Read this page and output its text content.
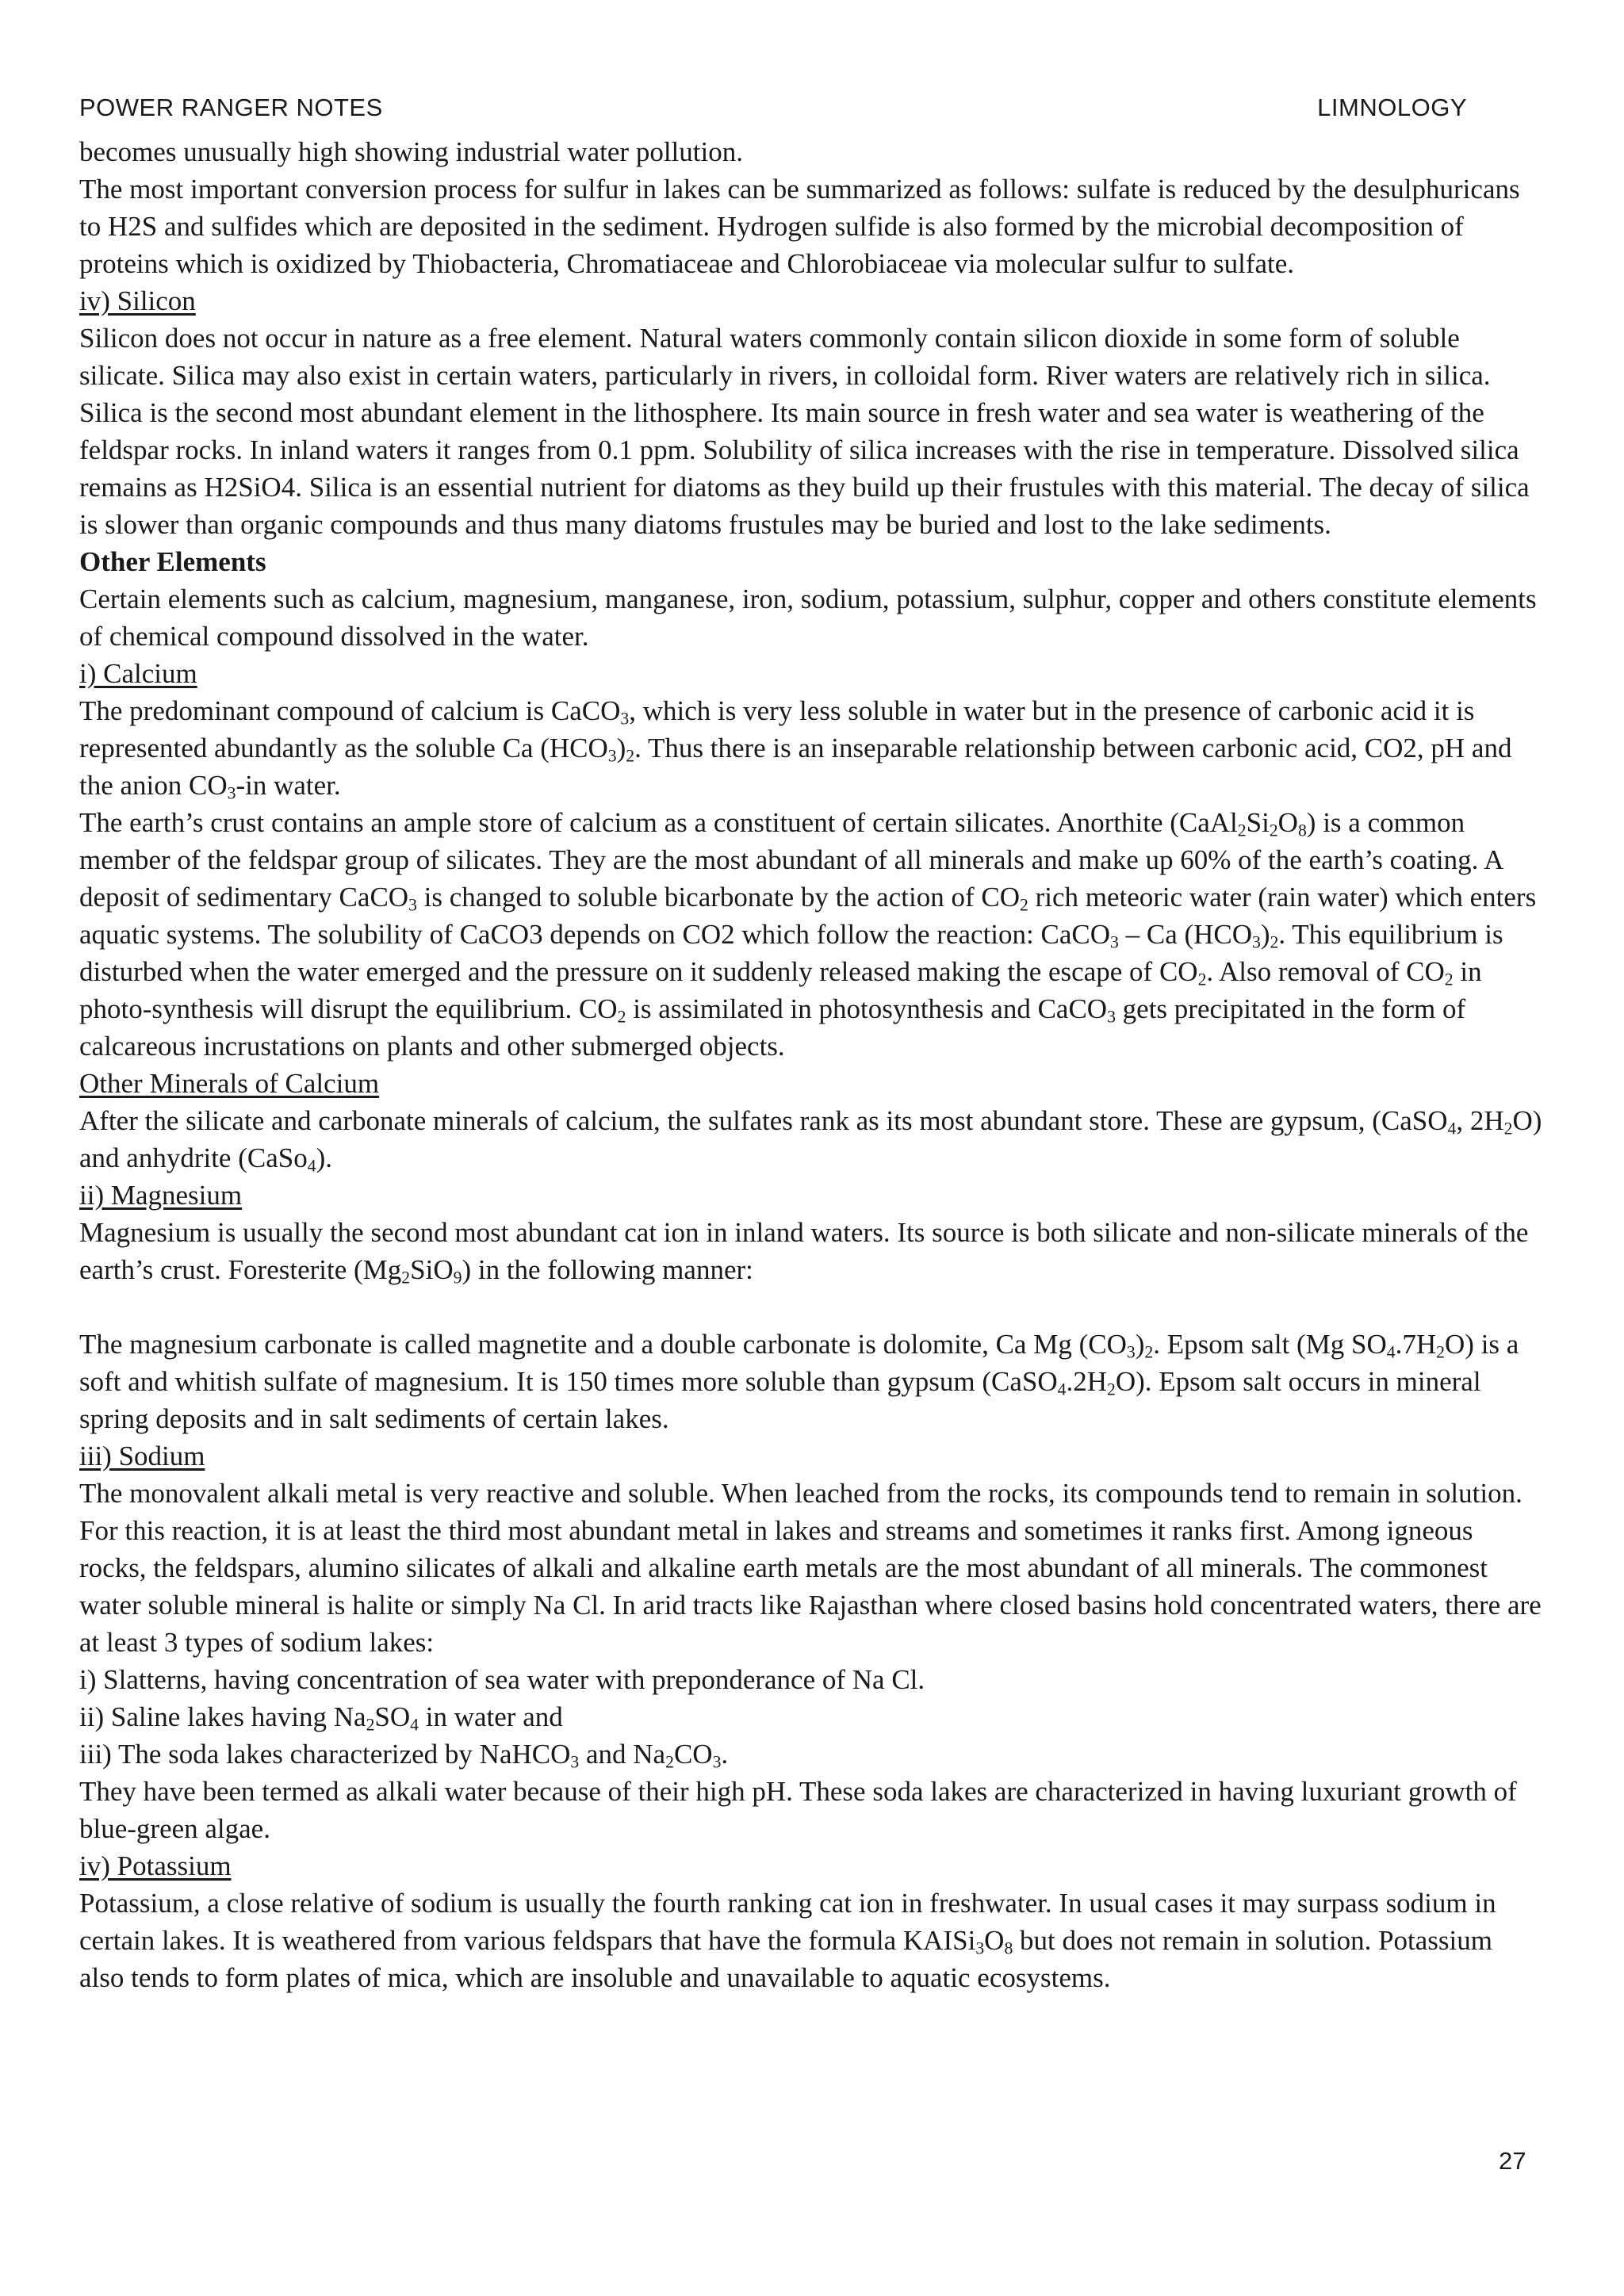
POWER RANGER NOTES	LIMNOLOGY

becomes unusually high showing industrial water pollution.

The most important conversion process for sulfur in lakes can be summarized as follows: sulfate is reduced by the desulphuricans to H2S and sulfides which are deposited in the sediment. Hydrogen sulfide is also formed by the microbial decomposition of proteins which is oxidized by Thiobacteria, Chromatiaceae and Chlorobiaceae via molecular sulfur to sulfate.

iv) Silicon

Silicon does not occur in nature as a free element. Natural waters commonly contain silicon dioxide in some form of soluble silicate. Silica may also exist in certain waters, particularly in rivers, in colloidal form. River waters are relatively rich in silica. Silica is the second most abundant element in the lithosphere. Its main source in fresh water and sea water is weathering of the feldspar rocks. In inland waters it ranges from 0.1 ppm. Solubility of silica increases with the rise in temperature. Dissolved silica remains as H2SiO4. Silica is an essential nutrient for diatoms as they build up their frustules with this material. The decay of silica is slower than organic compounds and thus many diatoms frustules may be buried and lost to the lake sediments.

Other Elements

Certain elements such as calcium, magnesium, manganese, iron, sodium, potassium, sulphur, copper and others constitute elements of chemical compound dissolved in the water.

i) Calcium

The predominant compound of calcium is CaCO$_3$, which is very less soluble in water but in the presence of carbonic acid it is represented abundantly as the soluble Ca $(HCO_3)_2$. Thus there is an inseparable relationship between carbonic acid, CO2, pH and the anion $CO_3-in$ water.

The earth’s crust contains an ample store of calcium as a constituent of certain silicates. Anorthite $(CaAl_2Si_2O_8)$ is a common member of the feldspar group of silicates. They are the most abundant of all minerals and make up 60% of the earth’s coating. A deposit of sedimentary CaCO$_3$ is changed to soluble bicarbonate by the action of $CO_2$ rich meteoric water (rain water) which enters aquatic systems. The solubility of CaCO3 depends on CO2 which follow the reaction: CaCO$_3$ – Ca $(HCO_3)_2$. This equilibrium is disturbed when the water emerged and the pressure on it suddenly released making the escape of $CO_2$. Also removal of $CO_2$ in photo-synthesis will disrupt the equilibrium. $CO_2$ is assimilated in photosynthesis and CaCO$_3$ gets precipitated in the form of calcareous incrustations on plants and other submerged objects.

Other Minerals of Calcium

After the silicate and carbonate minerals of calcium, the sulfates rank as its most abundant store. These are gypsum, (CaSO$_4$, $2H_2O$) and anhydrite (CaSo$_4$).

ii) Magnesium

Magnesium is usually the second most abundant cat ion in inland waters. Its source is both silicate and non-silicate minerals of the earth’s crust. Foresterite $(Mg_2SiO_9)$ in the following manner:

The magnesium carbonate is called magnetite and a double carbonate is dolomite, Ca Mg $(CO_3)_2$. Epsom salt (Mg $SO_4.7H_2O$) is a soft and whitish sulfate of magnesium. It is 150 times more soluble than gypsum $(CaSO_4.2H_2O)$. Epsom salt occurs in mineral spring deposits and in salt sediments of certain lakes.

iii) Sodium

The monovalent alkali metal is very reactive and soluble. When leached from the rocks, its compounds tend to remain in solution. For this reaction, it is at least the third most abundant metal in lakes and streams and sometimes it ranks first. Among igneous rocks, the feldspars, alumino silicates of alkali and alkaline earth metals are the most abundant of all minerals. The commonest water soluble mineral is halite or simply Na Cl. In arid tracts like Rajasthan where closed basins hold concentrated waters, there are at least 3 types of sodium lakes:

i) Slatterns, having concentration of sea water with preponderance of Na Cl.

ii) Saline lakes having $Na_2SO_4$ in water and

iii) The soda lakes characterized by NaHCO$_3$ and $Na_2CO_3$.

They have been termed as alkali water because of their high pH. These soda lakes are characterized in having luxuriant growth of blue-green algae.

iv) Potassium

Potassium, a close relative of sodium is usually the fourth ranking cat ion in freshwater. In usual cases it may surpass sodium in certain lakes. It is weathered from various feldspars that have the formula $KAISi_3O_8$ but does not remain in solution. Potassium also tends to form plates of mica, which are insoluble and unavailable to aquatic ecosystems.

27
